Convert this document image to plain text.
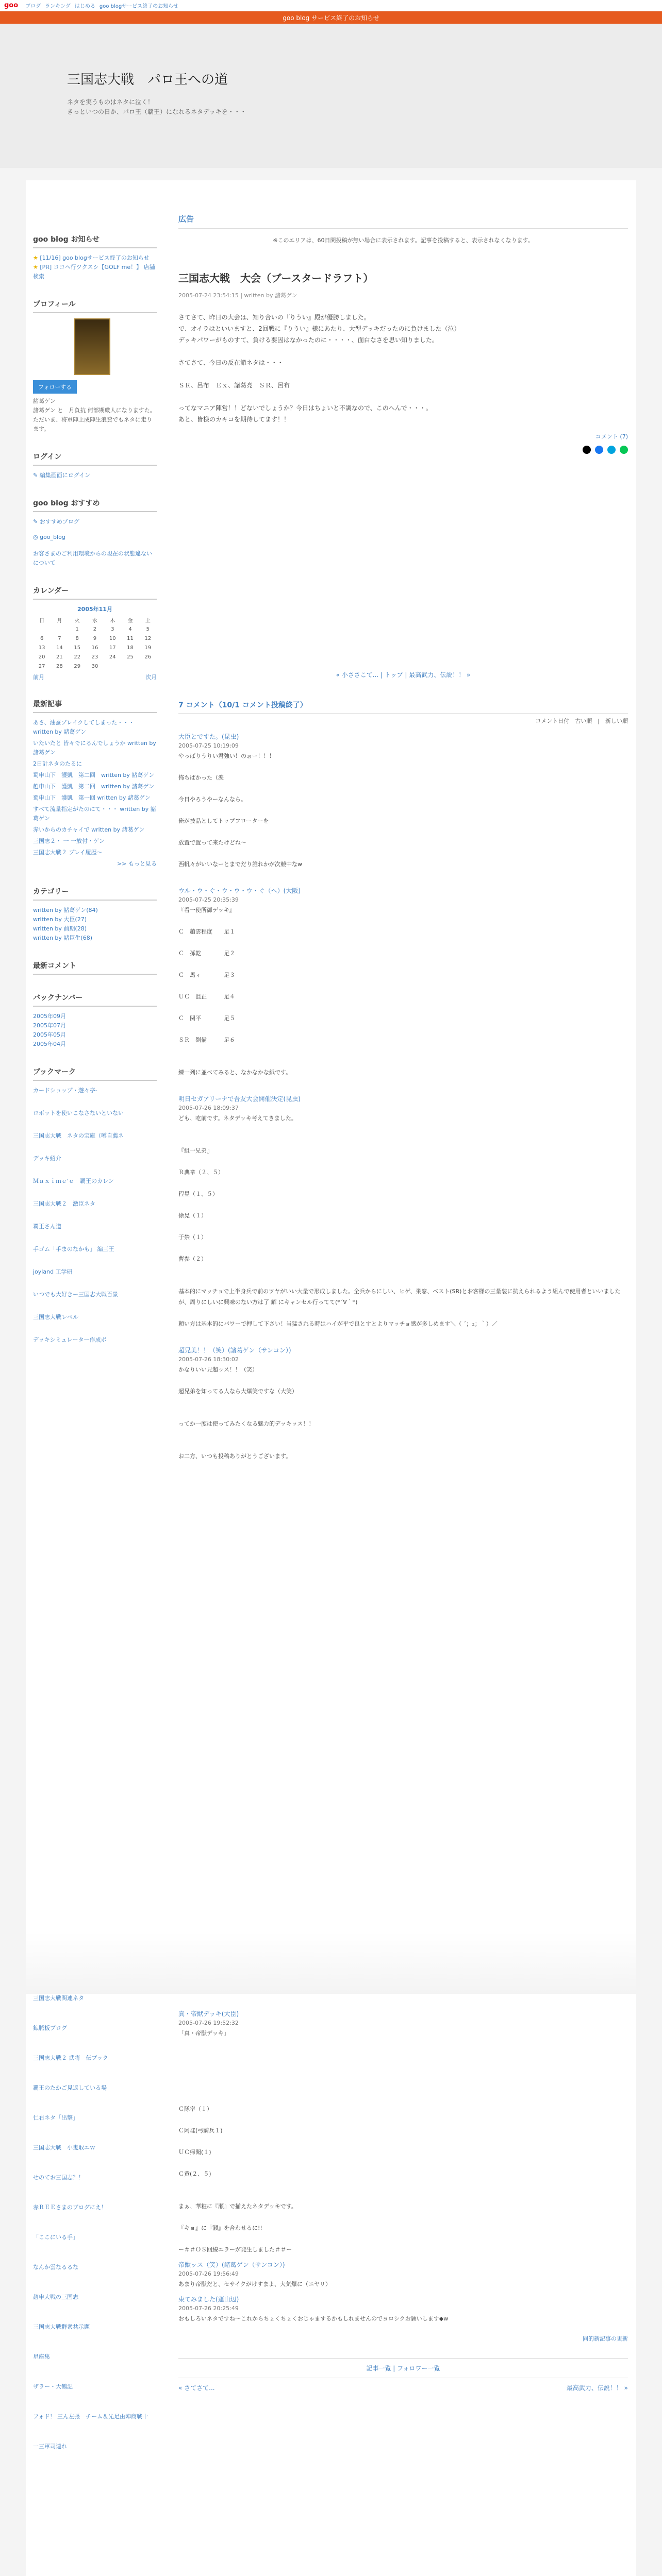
goo ブログ ランキング はじめる goo blogサービス終了のお知らせ
goo blog サービス終了のお知らせ
三国志大戦　パロ王への道

ネタを実うものはネタに泣く！

きっといつの日か、パロ王（覇王）になれるネタデッキを・・・

goo blog お知らせ
★ [11/16] goo blogサービス終了のお知らせ
★ [PR] ココヘ行ツクスシ【GOLF me！】 店舗検索
プロフィール
フォローする
諸葛ゲン
諸葛ゲン と　月負抗 何部期厳人になりますた。 ただいま、将軍陣上成陣生浪費でもネタに走ります。
ログイン
✎ 編集画面にログイン
goo blog おすすめ
✎ おすすめブログ
◎ goo_blog
お客さまのご利用環境からの現在の状態違ないについて
カレンダー
2005年11月
日	月	火	水	木	金	土
		1	2	3	4	5
6	7	8	9	10	11	12
13	14	15	16	17	18	19
20	21	22	23	24	25	26
27	28	29	30			
前月	次月
最新記事
あさ、油蚕ブレイクしてしまった・・・　written by 諸葛ゲン
いたいたと 皆々でにるんでしょうか written by 諸葛ゲン
2日計ネタのたるに
蜀申山下　護凱　第二回　written by 諸葛ゲン
趙申山下　護凱　第二回　written by 諸葛ゲン
蜀申山下　護凱　第一回 written by 諸葛ゲン
すべて流量指定がたのにて・・・ written by 諸葛ゲン
赤いからのカチャイで written by 諸葛ゲン
三国志２・ 一 一放付・ゲン
三国志大戦２ プレイ履歴～
>> もっと見る
カテゴリー
written by 諸葛ゲン(84)
written by 大臣(27)
written by 前期(28)
written by 諸臣生(68)
最新コメント
バックナンバー
2005年09月
2005年07月
2005年05月
2005年04月
ブックマーク
カードショップ・遊々亭-
ロボットを使いこなさないといない
三国志大戦　ネタの宝庫（噂自薦ネ
デッキ紹介
Ｍａｘｉｍｅ'ｅ　覇王のカレン
三国志大戦２　激臣ネタ
覇王さん道
手ゴム「手まのなかも」 編三王
joyland 工学研
いつでも大好きー三国志大戦百景
三国志大戦レベル
デッキシミュレーター作成ボ
広告
※このエリアは、60日間投稿が無い場合に表示されます。記事を投稿すると、表示されなくなります。
三国志大戦　大会（ブースタードラフト）
2005-07-24 23:54:15 | written by 諸葛ゲン

さてさて、昨日の大会は、知り合いの『りうい』殿が優勝しました。

で、オイラはといいますと、2回戦に『りうい』様にあたり、大型デッキだったのに負けました（泣）

デッキパワーがものすて、負ける要因はなかったのに・・・・、面白なさを思い知りました。

さてさて、今日の反在節ネタは・・・

ＳＲ、呂布　Ｅｘ、諸葛亮　ＳＲ、呂布

ってなマニア陣営！！どないでしょうか？今日はちょいと不調なので、このへんで・・・。

あと、皆様のカキコを期待してます！！

コメント (7)
« 小ささこて... | トップ | 最高武力、伝説！！ »
7 コメント（10/1 コメント投稿終了）
コメント日付　古い順　|　新しい順
大臣とですた。(昆虫)
2005-07-25 10:19:09

やっばりうりい君強い！のぉー！！！

怖ちぱかった（涙

今日やろうやーなんなら。

俺が技品としてトップフローターを

放置で置って来たけどね〜

西帆々がいいなーとまでだり誰れかが次競中なw

ウル・ウ・ぐ・ウ・ウ・ウ・ぐ（ヘ）(大阪)
2005-07-25 20:35:39

『看一使所御デッキ』

Ｃ　趙雲程度　　足１

Ｃ　孫乾　　　　足２

Ｃ　馬ィ　　　　足３

ＵＣ　沮正　　　足４

Ｃ　関平　　　　足５

ＳＲ　劉備　　　足６

練一列に並べてみると、なかなかな紙です。

明日セガアリーナで吾友大会開催決定(昆虫)
2005-07-26 18:09:37

ども、吃前です。ネタデッキ考えてきました。

『組一兄弟』

Ｒ典韋（２、５）

程昱（１、５）

徐晃（１）

于禁（１）

曹参（２）

基本的にマッチョで上半身兵で前のツヤがいい大量で形成しました。全兵からにしい、ヒゲ、巣窓、ベスト(SR)とお客様の三量装に抗えられるよう組んで使用者といいましたが、周りにしいに興味のない方は了 解 にキャンセル行ってて(*´∇｀*)

頼い方は基本的にパワーで押して下さい！当猛される時はハイが平で良とすとよりマッチョ感が多しめます＼（ ´；ｪ；｀）／

超兄美！！（笑）(諸葛ゲン（サンコン）)
2005-07-26 18:30:02

かなりいい兄超ッス！！（笑）

超兄弟を知ってる人なら大爆笑ですな（大笑）

ってか一度は使ってみたくなる魅力的デッキッス！！

お二方、いつも投稿ありがとうございます。

三国志大戦関連ネタ
鉱脈板ブログ
三国志大戦２ 武将　伝ブック
覇王のたかご見返している場
仁右ネタ「出撃」
三国志大戦　小鬼取エｗ
せのてお三国志？！
赤ＲＥＥさまのブログにえ！
「ここにいる手」
なんか雲なるるな
趙申大戦の三国志
三国志大戦群衆共示題
星座集
ザラー・大鶴記
フォド！ 三ん左張　チーム＆先足由陣商戦十
一三軍司連れ
真・帝獣デッキ(大臣)
2005-07-26 19:52:32

「真・帝獣デッキ」

Ｃ隊率（１）

Ｃ阿珪(弓騎兵１)

ＵＣ帰聞(１)

Ｃ黄(２、５)

まぁ、華粧に『瀬』で揃えたネタデッキです。

『キョ』に『瀬』を合わせるに!!

ー＃＃ＯＳ回線エラーが発生しました＃＃ー

帝獣ッス（笑）(諸葛ゲン（サンコン）)
2005-07-26 19:56:49

あまり帝獣だと、セサイクがけすまよ、大気爆に（ニヤリ）

東てみました(蓬山辺)
2005-07-26 20:25:49

おもしろいネタですね〜これからちょくちょくおじゃまするかもしれませんのでヨロシクお願いします◆w

同的新記事の更新
記事一覧 | フォロワー一覧
« さてさて...	最高武力、伝説！！ »
